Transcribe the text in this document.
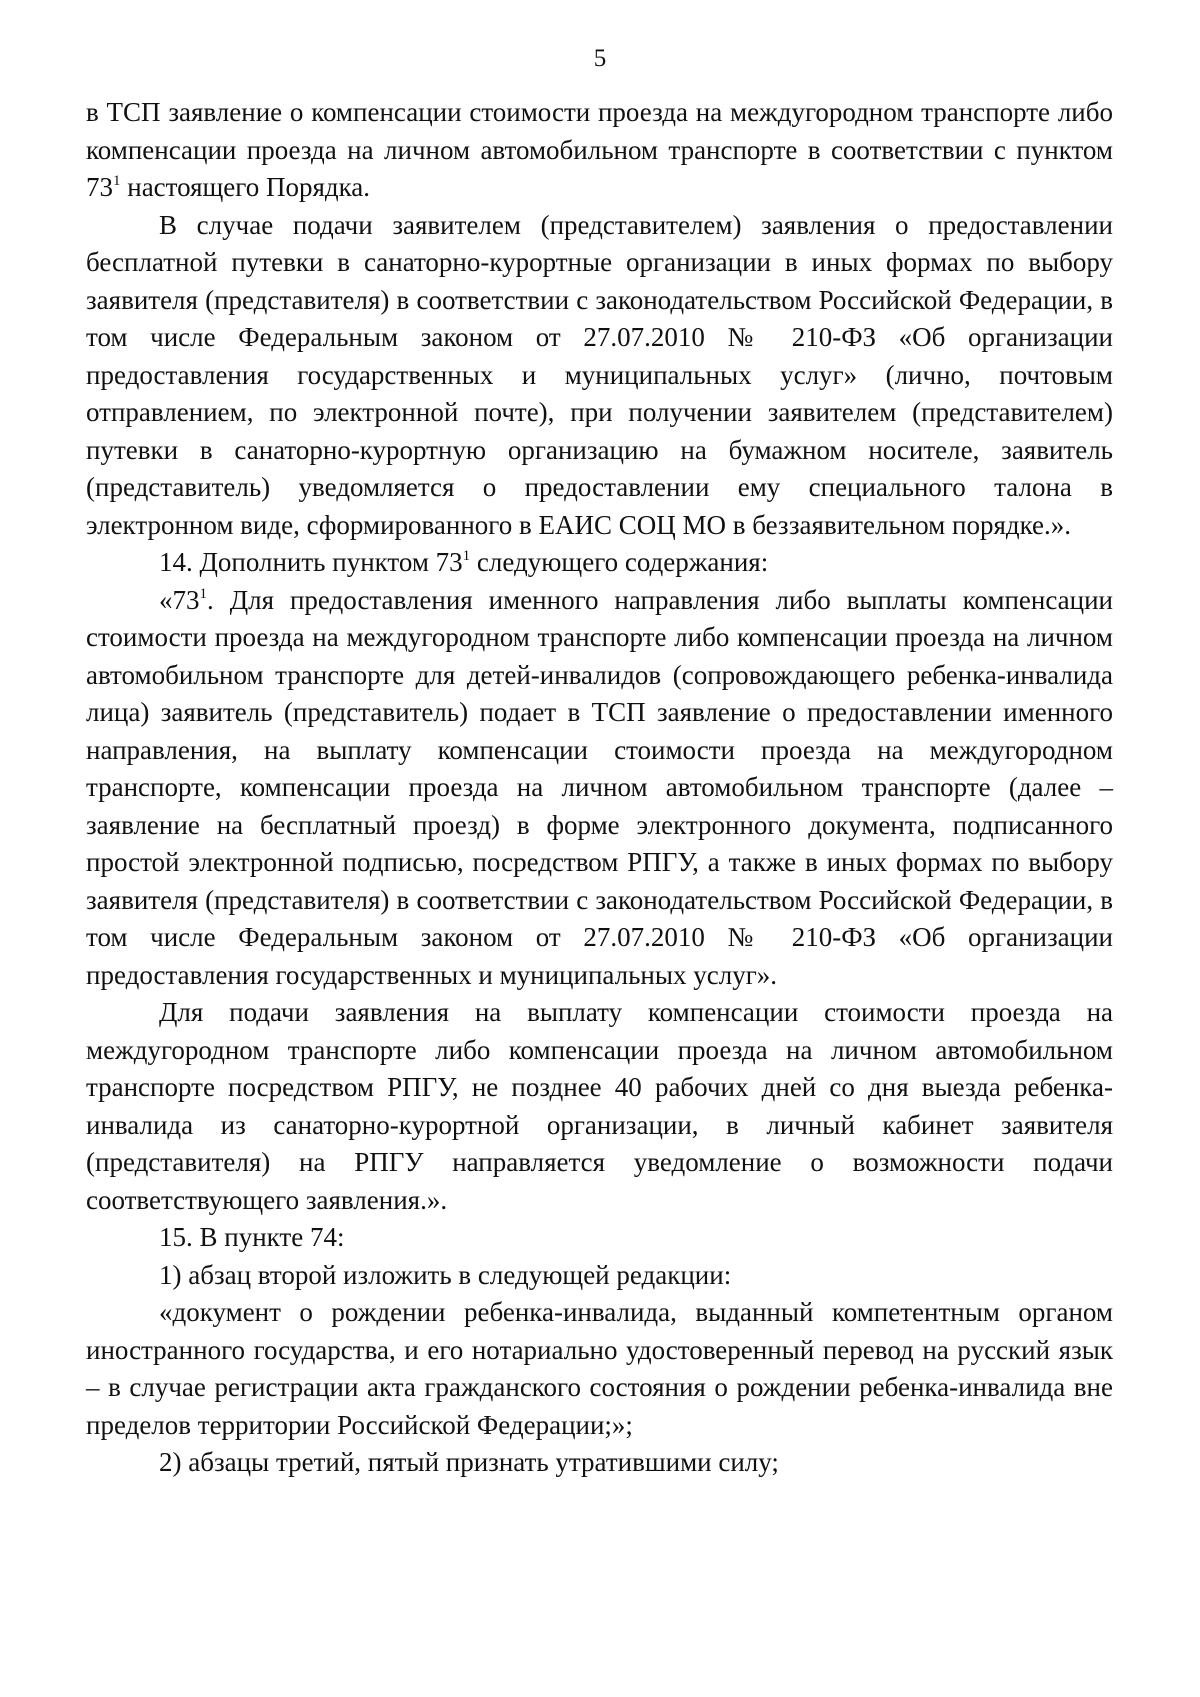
5

в ТСП заявление о компенсации стоимости проезда на междугородном транспорте либо компенсации проезда на личном автомобильном транспорте в соответствии с пунктом $73^1$ настоящего Порядка.

В случае подачи заявителем (представителем) заявления о предоставлении бесплатной путевки в санаторно-курортные организации в иных формах по выбору заявителя (представителя) в соответствии с законодательством Российской Федерации, в том числе Федеральным законом от 27.07.2010 № 210-ФЗ «Об организации предоставления государственных и муниципальных услуг» (лично, почтовым отправлением, по электронной почте), при получении заявителем (представителем) путевки в санаторно-курортную организацию на бумажном носителе, заявитель (представитель) уведомляется о предоставлении ему специального талона в электронном виде, сформированного в ЕАИС СОЦ МО в беззаявительном порядке.».

14. Дополнить пунктом $73^1$ следующего содержания:

«$73^1$. Для предоставления именного направления либо выплаты компенсации стоимости проезда на междугородном транспорте либо компенсации проезда на личном автомобильном транспорте для детей-инвалидов (сопровождающего ребенка-инвалида лица) заявитель (представитель) подает в ТСП заявление о предоставлении именного направления, на выплату компенсации стоимости проезда на междугородном транспорте, компенсации проезда на личном автомобильном транспорте (далее – заявление на бесплатный проезд) в форме электронного документа, подписанного простой электронной подписью, посредством РПГУ, а также в иных формах по выбору заявителя (представителя) в соответствии с законодательством Российской Федерации, в том числе Федеральным законом от 27.07.2010 № 210-ФЗ «Об организации предоставления государственных и муниципальных услуг».

Для подачи заявления на выплату компенсации стоимости проезда на междугородном транспорте либо компенсации проезда на личном автомобильном транспорте посредством РПГУ, не позднее 40 рабочих дней со дня выезда ребенка-инвалида из санаторно-курортной организации, в личный кабинет заявителя (представителя) на РПГУ направляется уведомление о возможности подачи соответствующего заявления.».

15. В пункте 74:

1) абзац второй изложить в следующей редакции:

«документ о рождении ребенка-инвалида, выданный компетентным органом иностранного государства, и его нотариально удостоверенный перевод на русский язык – в случае регистрации акта гражданского состояния о рождении ребенка-инвалида вне пределов территории Российской Федерации;»;

2) абзацы третий, пятый признать утратившими силу;
